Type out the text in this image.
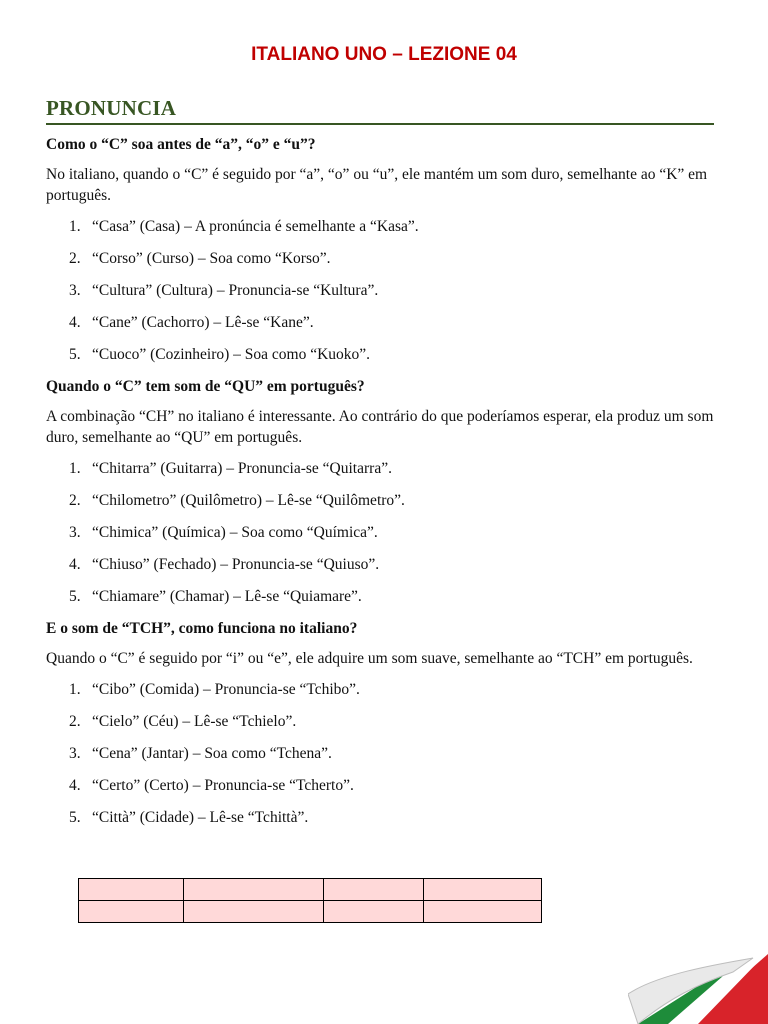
ITALIANO UNO – LEZIONE 04
PRONUNCIA
Como o “C” soa antes de “a”, “o” e “u”?
No italiano, quando o “C” é seguido por “a”, “o” ou “u”, ele mantém um som duro, semelhante ao “K” em português.
1. “Casa” (Casa) – A pronúncia é semelhante a “Kasa”.
2. “Corso” (Curso) – Soa como “Korso”.
3. “Cultura” (Cultura) – Pronuncia-se “Kultura”.
4. “Cane” (Cachorro) – Lê-se “Kane”.
5. “Cuoco” (Cozinheiro) – Soa como “Kuoko”.
Quando o “C” tem som de “QU” em português?
A combinação “CH” no italiano é interessante. Ao contrário do que poderíamos esperar, ela produz um som duro, semelhante ao “QU” em português.
1. “Chitarra” (Guitarra) – Pronuncia-se “Quitarra”.
2. “Chilometro” (Quilômetro) – Lê-se “Quilômetro”.
3. “Chimica” (Química) – Soa como “Química”.
4. “Chiuso” (Fechado) – Pronuncia-se “Quiuso”.
5. “Chiamare” (Chamar) – Lê-se “Quiamare”.
E o som de “TCH”, como funciona no italiano?
Quando o “C” é seguido por “i” ou “e”, ele adquire um som suave, semelhante ao “TCH” em português.
1. “Cibo” (Comida) – Pronuncia-se “Tchibo”.
2. “Cielo” (Céu) – Lê-se “Tchielo”.
3. “Cena” (Jantar) – Soa como “Tchena”.
4. “Certo” (Certo) – Pronuncia-se “Tcherto”.
5. “Città” (Cidade) – Lê-se “Tchittà”.
